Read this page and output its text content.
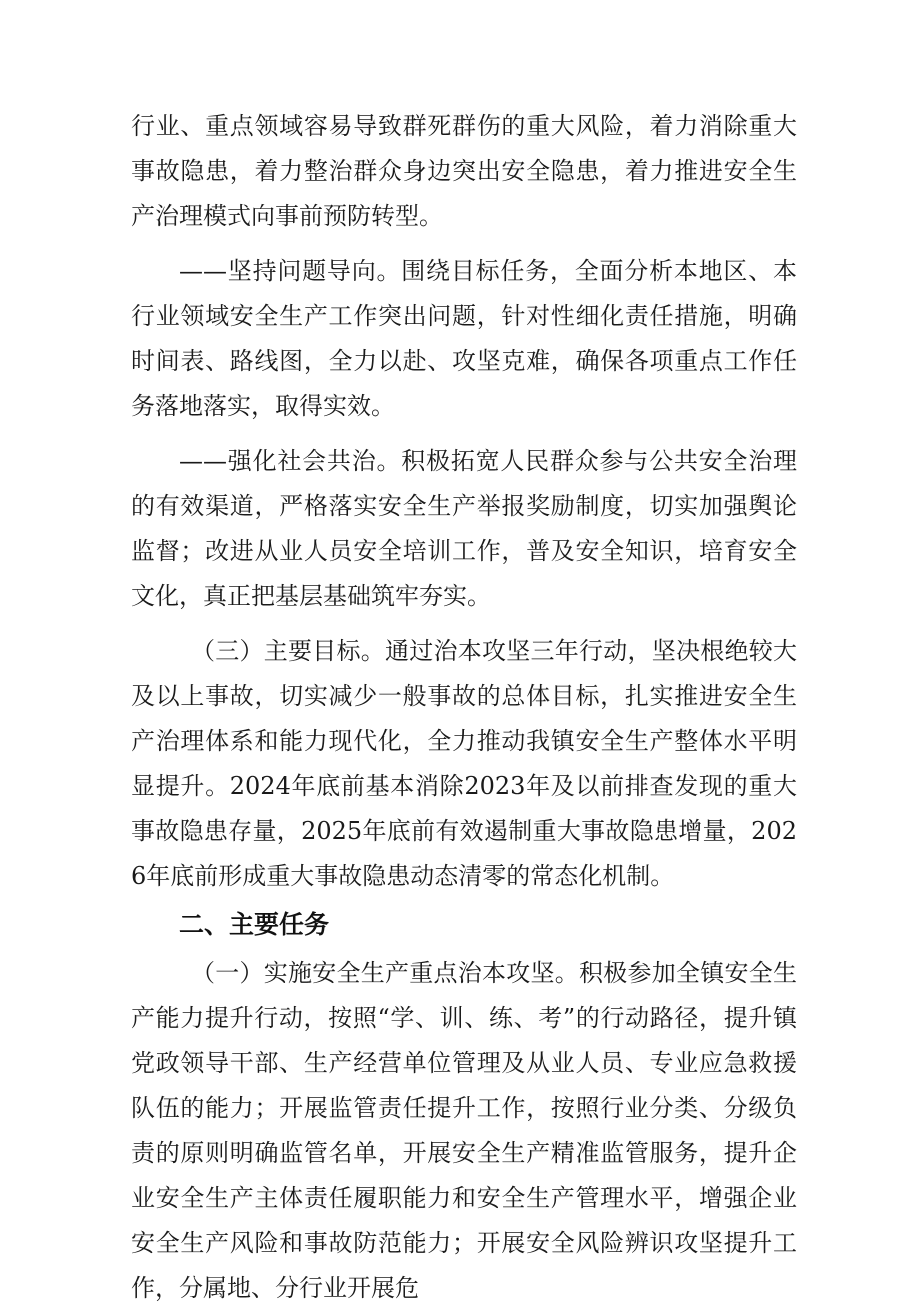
行业、重点领域容易导致群死群伤的重大风险，着力消除重大事故隐患，着力整治群众身边突出安全隐患，着力推进安全生产治理模式向事前预防转型。

——坚持问题导向。围绕目标任务，全面分析本地区、本行业领域安全生产工作突出问题，针对性细化责任措施，明确时间表、路线图，全力以赴、攻坚克难，确保各项重点工作任务落地落实，取得实效。

——强化社会共治。积极拓宽人民群众参与公共安全治理的有效渠道，严格落实安全生产举报奖励制度，切实加强舆论监督；改进从业人员安全培训工作，普及安全知识，培育安全文化，真正把基层基础筑牢夯实。

（三）主要目标。通过治本攻坚三年行动，坚决根绝较大及以上事故，切实减少一般事故的总体目标，扎实推进安全生产治理体系和能力现代化，全力推动我镇安全生产整体水平明显提升。2024年底前基本消除2023年及以前排查发现的重大事故隐患存量，2025年底前有效遏制重大事故隐患增量，2026年底前形成重大事故隐患动态清零的常态化机制。

二、主要任务

（一）实施安全生产重点治本攻坚。积极参加全镇安全生产能力提升行动，按照“学、训、练、考”的行动路径，提升镇党政领导干部、生产经营单位管理及从业人员、专业应急救援队伍的能力；开展监管责任提升工作，按照行业分类、分级负责的原则明确监管名单，开展安全生产精准监管服务，提升企业安全生产主体责任履职能力和安全生产管理水平，增强企业安全生产风险和事故防范能力；开展安全风险辨识攻坚提升工作，分属地、分行业开展危
